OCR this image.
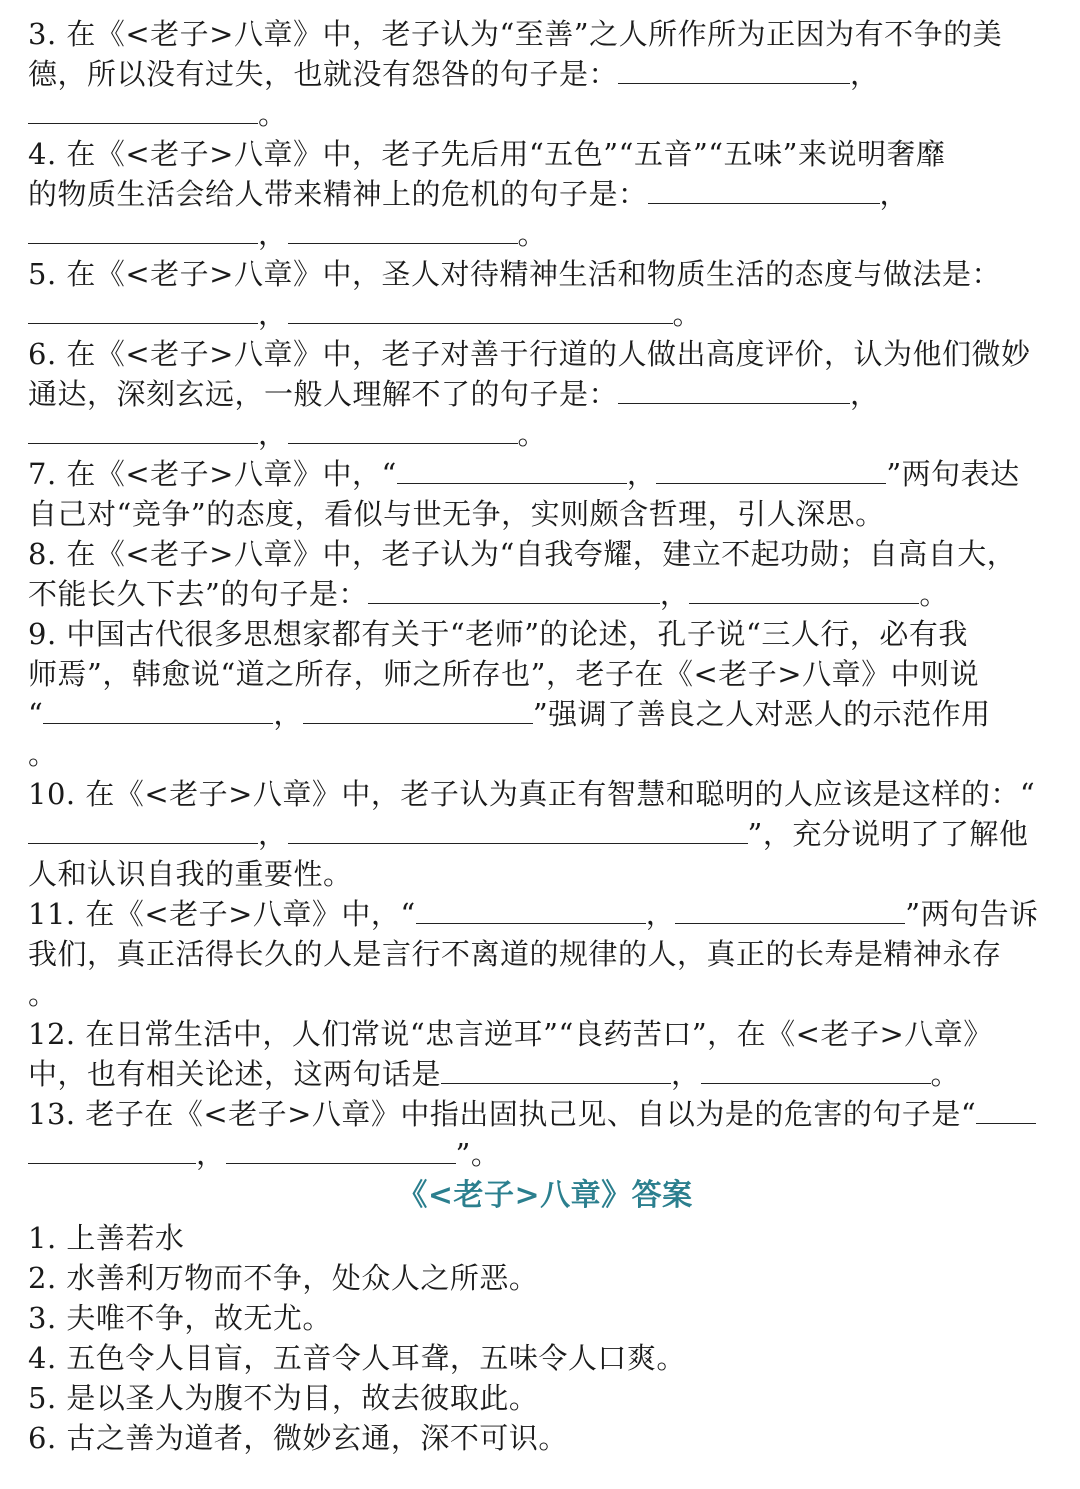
3. 在《<老子>八章》中，老子认为“至善”之人所作所为正因为有不争的美
德，所以没有过失，也就没有怨咎的句子是：	，
。
4. 在《<老子>八章》中，老子先后用“五色”“五音”“五味”来说明奢靡
的物质生活会给人带来精神上的危机的句子是：	，
，	。
5. 在《<老子>八章》中，圣人对待精神生活和物质生活的态度与做法是：
，	。
6. 在《<老子>八章》中，老子对善于行道的人做出高度评价，认为他们微妙
通达，深刻玄远，一般人理解不了的句子是：	，
，	。
7. 在《<老子>八章》中，“	，	”两句表达
自己对“竞争”的态度，看似与世无争，实则颇含哲理，引人深思。
8. 在《<老子>八章》中，老子认为“自我夸耀，建立不起功勋；自高自大，
不能长久下去”的句子是：	，	。
9. 中国古代很多思想家都有关于“老师”的论述，孔子说“三人行，必有我
师焉”，韩愈说“道之所存，师之所存也”，老子在《<老子>八章》中则说
“	，	”强调了善良之人对恶人的示范作用
。
10. 在《<老子>八章》中，老子认为真正有智慧和聪明的人应该是这样的：“
，	”，充分说明了了解他
人和认识自我的重要性。
11. 在《<老子>八章》中，“	，	”两句告诉
我们，真正活得长久的人是言行不离道的规律的人，真正的长寿是精神永存
。
12. 在日常生活中，人们常说“忠言逆耳”“良药苦口”，在《<老子>八章》
中，也有相关论述，这两句话是	，	。
13. 老子在《<老子>八章》中指出固执己见、自以为是的危害的句子是“
，	”。
《<老子>八章》答案
1. 上善若水
2. 水善利万物而不争，处众人之所恶。
3. 夫唯不争，故无尤。
4. 五色令人目盲，五音令人耳聋，五味令人口爽。
5. 是以圣人为腹不为目，故去彼取此。
6. 古之善为道者，微妙玄通，深不可识。
